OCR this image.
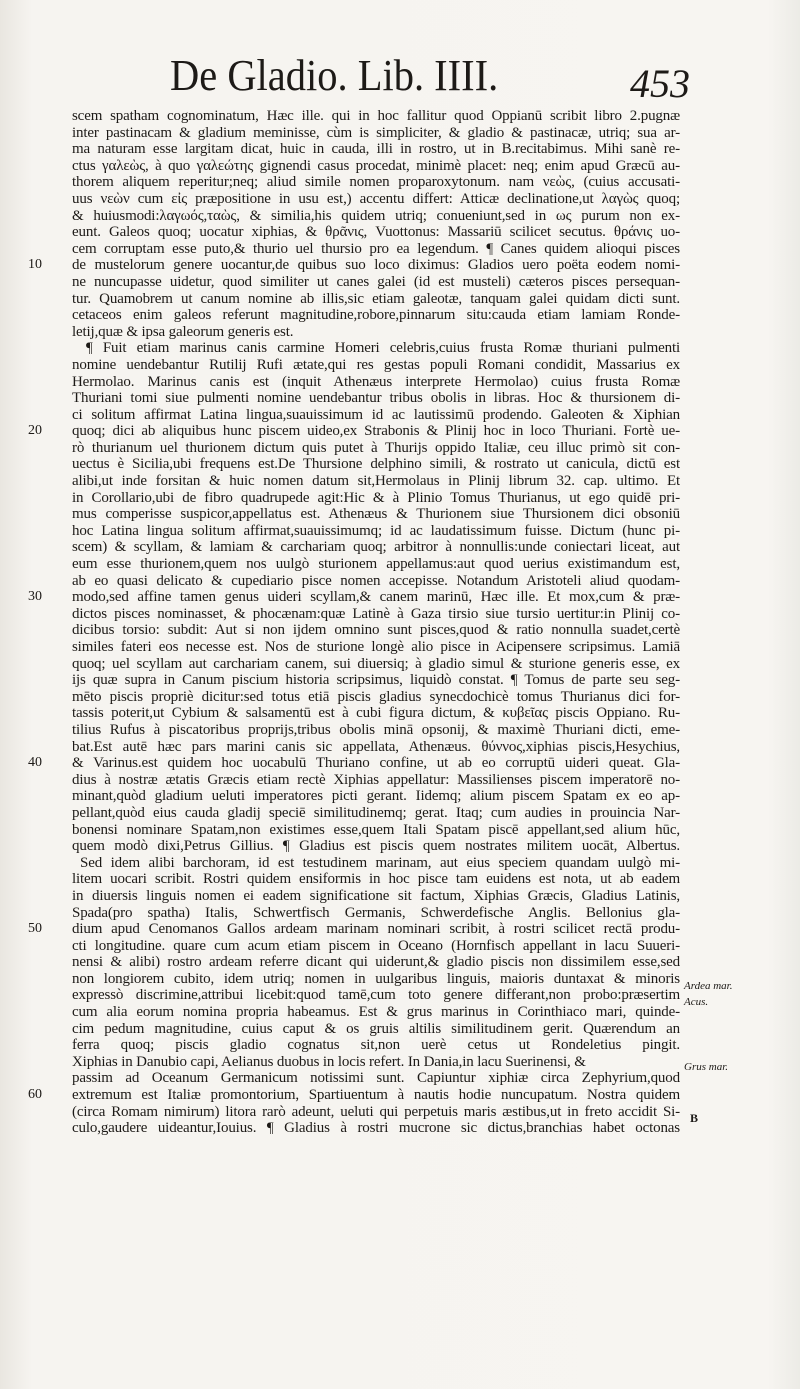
De Gladio. Lib. IIII.	453
scem spatham cognominatum, Hæc ille. qui in hoc fallitur quod Oppianū scribit libro 2.pugnæ
inter pastinacam & gladium meminisse, cùm is simpliciter, & gladio & pastinacæ, utriq; sua ar-
ma naturam esse largitam dicat, huic in cauda, illi in rostro, ut in B.recitabimus. Mihi sanè re-
ctus γαλεὼς, à quo γαλεώτης gignendi casus procedat, minimè placet: neq; enim apud Græcū au-
thorem aliquem reperitur;neq; aliud simile nomen proparoxytonum. nam νεὼς, (cuius accusati-
uus νεὼν cum εἰς præpositione in usu est,) accentu differt: Atticæ declinatione,ut λαγὼς quoq;
& huiusmodi:λαγωός,ταὼς, & similia,his quidem utriq; conueniunt,sed in ως purum non ex-
eunt. Galeos quoq; uocatur xiphias, & θρᾶνις, Vuottonus: Massariū scilicet secutus. θράνις uo-
cem corruptam esse puto,& thurio uel thursio pro ea legendum. ¶ Canes quidem alioqui pisces
de mustelorum genere uocantur,de quibus suo loco diximus: Gladios uero poëta eodem nomi-
ne nuncupasse uidetur, quod similiter ut canes galei (id est musteli) cæteros pisces persequan-
tur. Quamobrem ut canum nomine ab illis,sic etiam galeotæ, tanquam galei quidam dicti sunt.
cetaceos enim galeos referunt magnitudine,robore,pinnarum situ:cauda etiam lamiam Ronde-
letij,quæ & ipsa galeorum generis est.
¶ Fuit etiam marinus canis carmine Homeri celebris,cuius frusta Romæ thuriani pulmenti
nomine uendebantur Rutilij Rufi ætate,qui res gestas populi Romani condidit, Massarius ex
Hermolao. Marinus canis est (inquit Athenæus interprete Hermolao) cuius frusta Romæ
Thuriani tomi siue pulmenti nomine uendebantur tribus obolis in libras. Hoc & thursionem di-
ci solitum affirmat Latina lingua,suauissimum id ac lautissimū prodendo. Galeoten & Xiphian
quoq; dici ab aliquibus hunc piscem uideo,ex Strabonis & Plinij hoc in loco Thuriani. Fortè ue-
rò thurianum uel thurionem dictum quis putet à Thurijs oppido Italiæ, ceu illuc primò sit con-
uectus è Sicilia,ubi frequens est.De Thursione delphino simili, & rostrato ut canicula, dictū est
alibi,ut inde forsitan & huic nomen datum sit,Hermolaus in Plinij librum 32. cap. ultimo. Et
in Corollario,ubi de fibro quadrupede agit:Hic & à Plinio Tomus Thurianus, ut ego quidē pri-
mus comperisse suspicor,appellatus est. Athenæus & Thurionem siue Thursionem dici obsoniū
hoc Latina lingua solitum affirmat,suauissimumq; id ac laudatissimum fuisse. Dictum (hunc pi-
scem) & scyllam, & lamiam & carchariam quoq; arbitror à nonnullis:unde coniectari liceat, aut
eum esse thurionem,quem nos uulgò sturionem appellamus:aut quod uerius existimandum est,
ab eo quasi delicato & cupediario pisce nomen accepisse. Notandum Aristoteli aliud quodam-
modo,sed affine tamen genus uideri scyllam,& canem marinū, Hæc ille. Et mox,cum & præ-
dictos pisces nominasset, & phocænam:quæ Latinè à Gaza tirsio siue tursio uertitur:in Plinij co-
dicibus torsio: subdit: Aut si non ijdem omnino sunt pisces,quod & ratio nonnulla suadet,certè
similes fateri eos necesse est. Nos de sturione longè alio pisce in Acipensere scripsimus. Lamiā
quoq; uel scyllam aut carchariam canem, sui diuersiq; à gladio simul & sturione generis esse, ex
ijs quæ supra in Canum piscium historia scripsimus, liquidò constat. ¶ Tomus de parte seu seg-
mēto piscis propriè dicitur:sed totus etiā piscis gladius synecdochicè tomus Thurianus dici for-
tassis poterit,ut Cybium & salsamentū est à cubi figura dictum, & κυβεῖας piscis Oppiano. Ru-
tilius Rufus à piscatoribus proprijs,tribus obolis minā opsonij, & maximè Thuriani dicti, eme-
bat.Est autē hæc pars marini canis sic appellata, Athenæus. θύννος,xiphias piscis,Hesychius,
& Varinus.est quidem hoc uocabulū Thuriano confine, ut ab eo corruptū uideri queat. Gla-
dius à nostræ ætatis Græcis etiam rectè Xiphias appellatur: Massilienses piscem imperatorē no-
minant,quòd gladium ueluti imperatores picti gerant. Iidemq; alium piscem Spatam ex eo ap-
pellant,quòd eius cauda gladij speciē similitudinemq; gerat. Itaq; cum audies in prouincia Nar-
bonensi nominare Spatam,non existimes esse,quem Itali Spatam piscē appellant,sed alium hūc,
quem modò dixi,Petrus Gillius. ¶ Gladius est piscis quem nostrates militem uocāt, Albertus.
Sed idem alibi barchoram, id est testudinem marinam, aut eius speciem quandam uulgò mi-
litem uocari scribit. Rostri quidem ensiformis in hoc pisce tam euidens est nota, ut ab eadem
in diuersis linguis nomen ei eadem significatione sit factum, Xiphias Græcis, Gladius Latinis,
Spada(pro spatha) Italis, Schwertfisch Germanis, Schwerdefische Anglis. Bellonius gla-
dium apud Cenomanos Gallos ardeam marinam nominari scribit, à rostri scilicet rectā produ-
cti longitudine. quare cum acum etiam piscem in Oceano (Hornfisch appellant in lacu Suueri-
nensi & alibi) rostro ardeam referre dicant qui uiderunt,& gladio piscis non dissimilem esse,sed
non longiorem cubito, idem utriq; nomen in uulgaribus linguis, maioris duntaxat & minoris
expressò discrimine,attribui licebit:quod tamē,cum toto genere differant,non probo:præsertim
cum alia eorum nomina propria habeamus. Est & grus marinus in Corinthiaco mari, quinde-
cim pedum magnitudine, cuius caput & os gruis altilis similitudinem gerit. Quærendum an
ferra quoq; piscis gladio cognatus sit,non uerè cetus ut Rondeletius pingit.
Xiphias in Danubio capi, Aelianus duobus in locis refert. In Dania,in lacu Suerinensi, &
passim ad Oceanum Germanicum notissimi sunt. Capiuntur xiphiæ circa Zephyrium,quod
extremum est Italiæ promontorium, Spartiuentum à nautis hodie nuncupatum. Nostra quidem
(circa Romam nimirum) litora rarò adeunt, ueluti qui perpetuis maris æstibus,ut in freto accidit Si-
culo,gaudere uideantur,Iouius. ¶ Gladius à rostri mucrone sic dictus,branchias habet octonas
10
20
30
40
50
60
Ardea mar.
Acus.
Grus mar.
B
